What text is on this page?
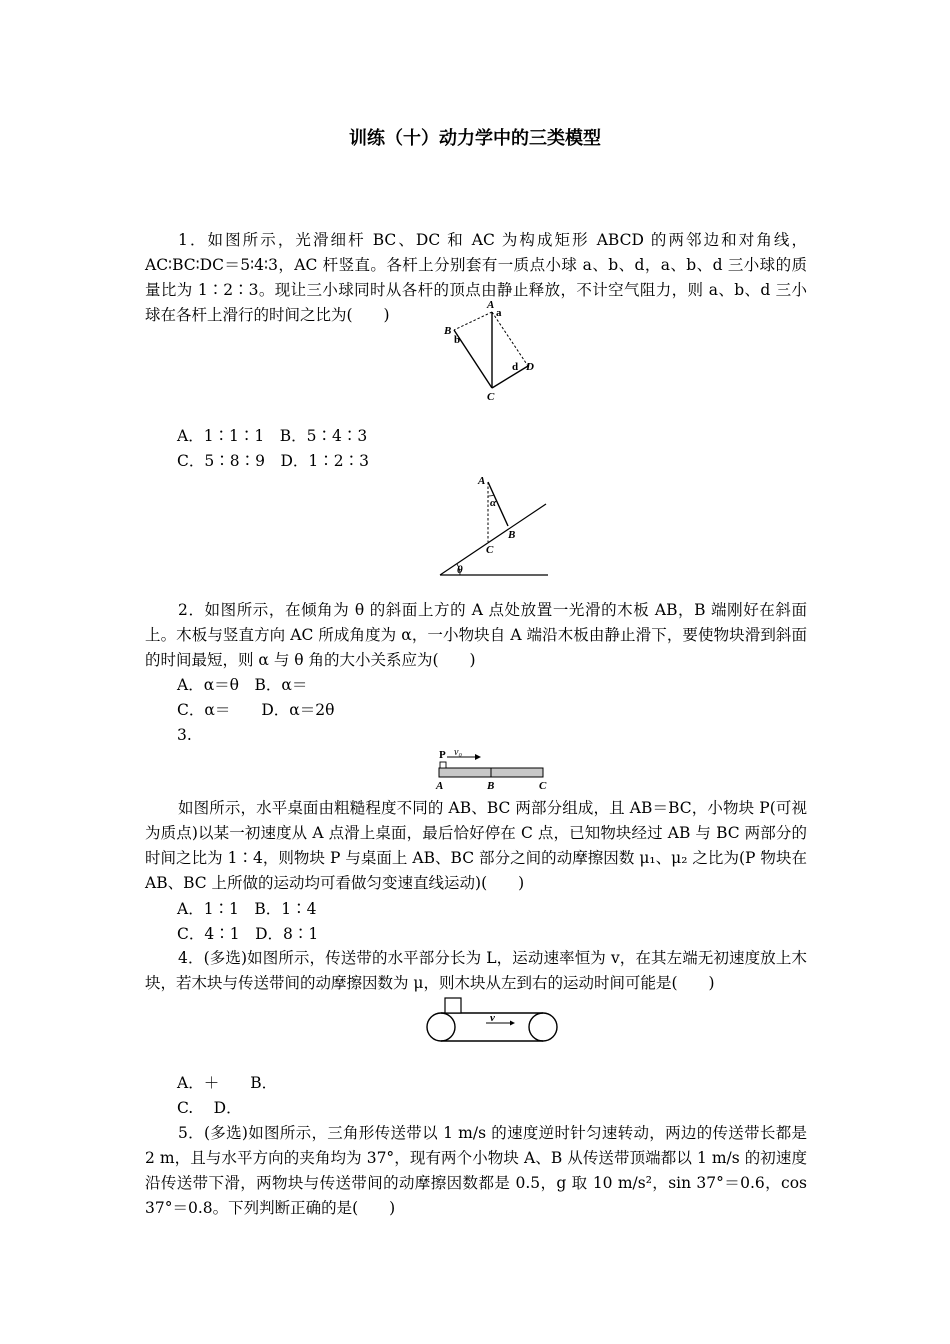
训练（十）动力学中的三类模型
1．如图所示，光滑细杆 BC、DC 和 AC 为构成矩形 ABCD 的两邻边和对角线，AC∶BC∶DC＝5∶4∶3，AC 杆竖直。各杆上分别套有一质点小球 a、b、d，a、b、d 三小球的质量比为 1∶2∶3。现让三小球同时从各杆的顶点由静止释放，不计空气阻力，则 a、b、d 三小球在各杆上滑行的时间之比为(　　)
A
a
B
b
d D
C
A．1∶1∶1　B．5∶4∶3
C．5∶8∶9　D．1∶2∶3
A
α
B
C
θ
2．如图所示，在倾角为 θ 的斜面上方的 A 点处放置一光滑的木板 AB，B 端刚好在斜面上。木板与竖直方向 AC 所成角度为 α，一小物块自 A 端沿木板由静止滑下，要使物块滑到斜面的时间最短，则 α 与 θ 角的大小关系应为(　　)
A．α＝θ　B．α＝
C．α＝　　D．α＝2θ
3.
P v₀
A	B	C
如图所示，水平桌面由粗糙程度不同的 AB、BC 两部分组成，且 AB＝BC，小物块 P(可视为质点)以某一初速度从 A 点滑上桌面，最后恰好停在 C 点，已知物块经过 AB 与 BC 两部分的时间之比为 1∶4，则物块 P 与桌面上 AB、BC 部分之间的动摩擦因数 μ₁、μ₂ 之比为(P 物块在 AB、BC 上所做的运动均可看做匀变速直线运动)(　　)
A．1∶1　B．1∶4
C．4∶1　D．8∶1
4．(多选)如图所示，传送带的水平部分长为 L，运动速率恒为 v，在其左端无初速度放上木块，若木块与传送带间的动摩擦因数为 μ，则木块从左到右的运动时间可能是(　　)
v
A．＋　　B．
C.　 D．
5．(多选)如图所示，三角形传送带以 1 m/s 的速度逆时针匀速转动，两边的传送带长都是 2 m，且与水平方向的夹角均为 37°，现有两个小物块 A、B 从传送带顶端都以 1 m/s 的初速度沿传送带下滑，两物块与传送带间的动摩擦因数都是 0.5，g 取 10 m/s²，sin 37°＝0.6，cos 37°＝0.8。下列判断正确的是(　　)
